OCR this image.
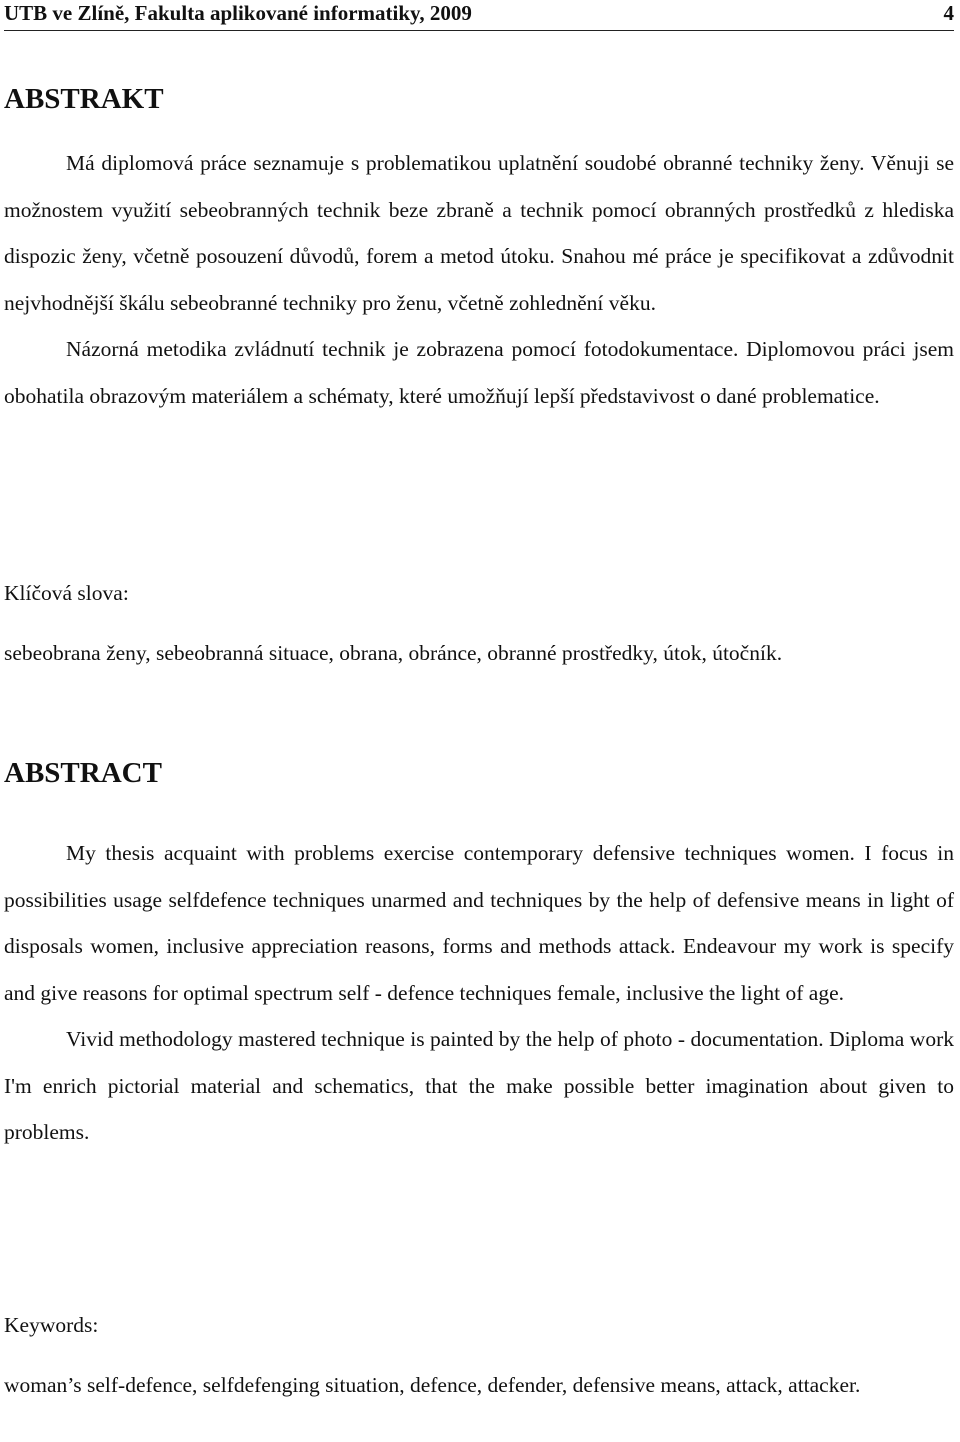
UTB ve Zlíně, Fakulta aplikované informatiky, 2009	4
ABSTRAKT

Má diplomová práce seznamuje s problematikou uplatnění soudobé obranné techniky ženy. Věnuji se možnostem využití sebeobranných technik beze zbraně a technik pomocí obranných prostředků z hlediska dispozic ženy, včetně posouzení důvodů, forem a metod útoku. Snahou mé práce je specifikovat a zdůvodnit nejvhodnější škálu sebeobranné techniky pro ženu, včetně zohlednění věku.

Názorná metodika zvládnutí technik je zobrazena pomocí fotodokumentace. Diplomovou práci jsem obohatila obrazovým materiálem a schématy, které umožňují lepší představivost o dané problematice.

Klíčová slova:
sebeobrana ženy, sebeobranná situace, obrana, obránce, obranné prostředky, útok, útočník.
ABSTRACT

My thesis acquaint with problems exercise contemporary defensive techniques women. I focus in possibilities usage selfdefence techniques unarmed and techniques by the help of defensive means in light of disposals women, inclusive appreciation reasons, forms and methods attack. Endeavour my work is specify and give reasons for optimal spectrum self - defence techniques female, inclusive the light of age.

Vivid methodology mastered technique is painted by the help of photo - documentation. Diploma work I'm enrich pictorial material and schematics, that the make possible better imagination about given to problems.

Keywords:
woman’s self-defence, selfdefenging situation, defence, defender, defensive means, attack, attacker.
